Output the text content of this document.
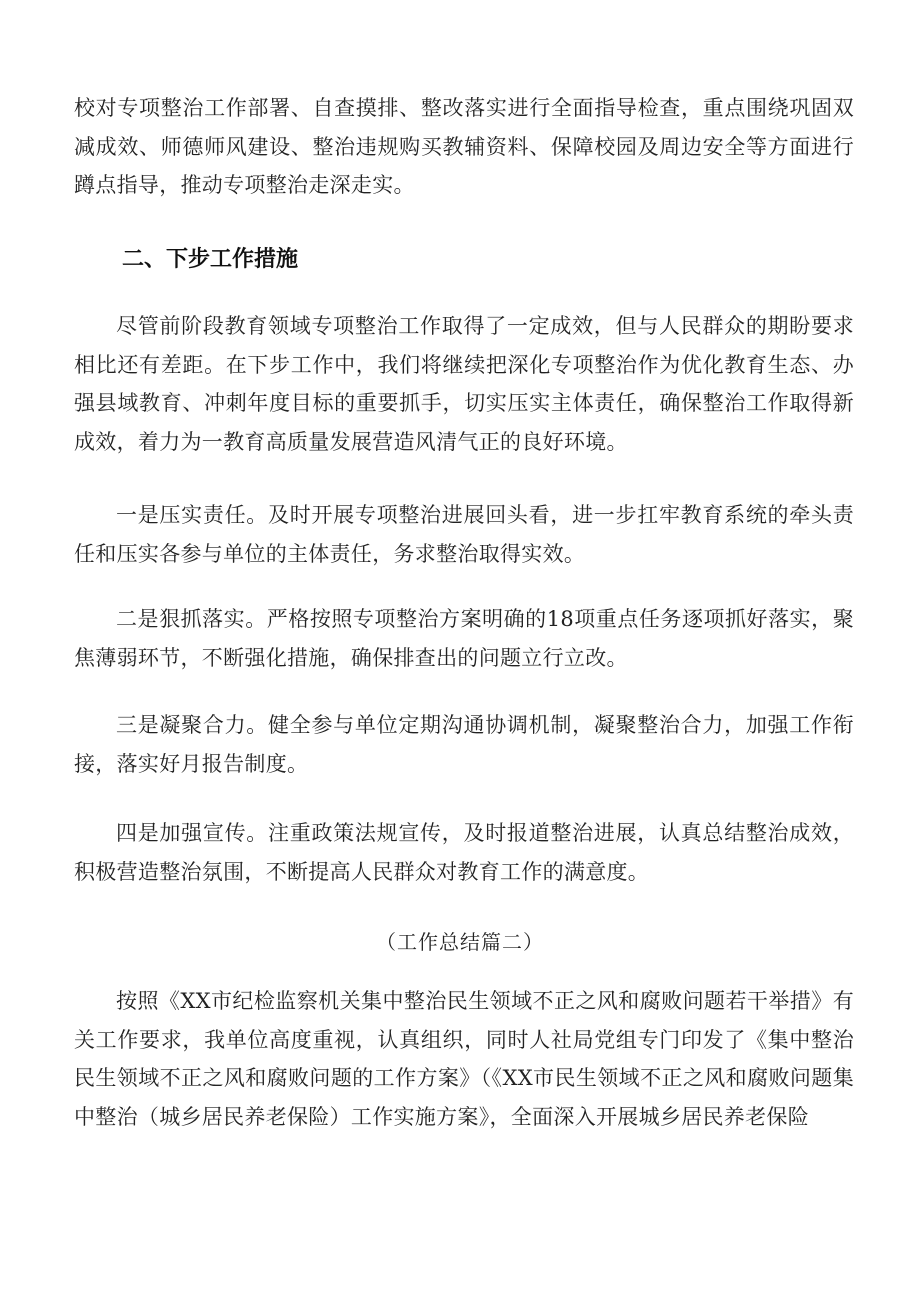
校对专项整治工作部署、自查摸排、整改落实进行全面指导检查，重点围绕巩固双减成效、师德师风建设、整治违规购买教辅资料、保障校园及周边安全等方面进行蹲点指导，推动专项整治走深走实。

二、下步工作措施

尽管前阶段教育领域专项整治工作取得了一定成效，但与人民群众的期盼要求相比还有差距。在下步工作中，我们将继续把深化专项整治作为优化教育生态、办强县域教育、冲刺年度目标的重要抓手，切实压实主体责任，确保整治工作取得新成效，着力为一教育高质量发展营造风清气正的良好环境。

一是压实责任。及时开展专项整治进展回头看，进一步扛牢教育系统的牵头责任和压实各参与单位的主体责任，务求整治取得实效。

二是狠抓落实。严格按照专项整治方案明确的18项重点任务逐项抓好落实，聚焦薄弱环节，不断强化措施，确保排查出的问题立行立改。

三是凝聚合力。健全参与单位定期沟通协调机制，凝聚整治合力，加强工作衔接，落实好月报告制度。

四是加强宣传。注重政策法规宣传，及时报道整治进展，认真总结整治成效，积极营造整治氛围，不断提高人民群众对教育工作的满意度。

（工作总结篇二）

按照《XX市纪检监察机关集中整治民生领域不正之风和腐败问题若干举措》有关工作要求，我单位高度重视，认真组织，同时人社局党组专门印发了《集中整治民生领域不正之风和腐败问题的工作方案》（《XX市民生领域不正之风和腐败问题集中整治（城乡居民养老保险）工作实施方案》，全面深入开展城乡居民养老保险
